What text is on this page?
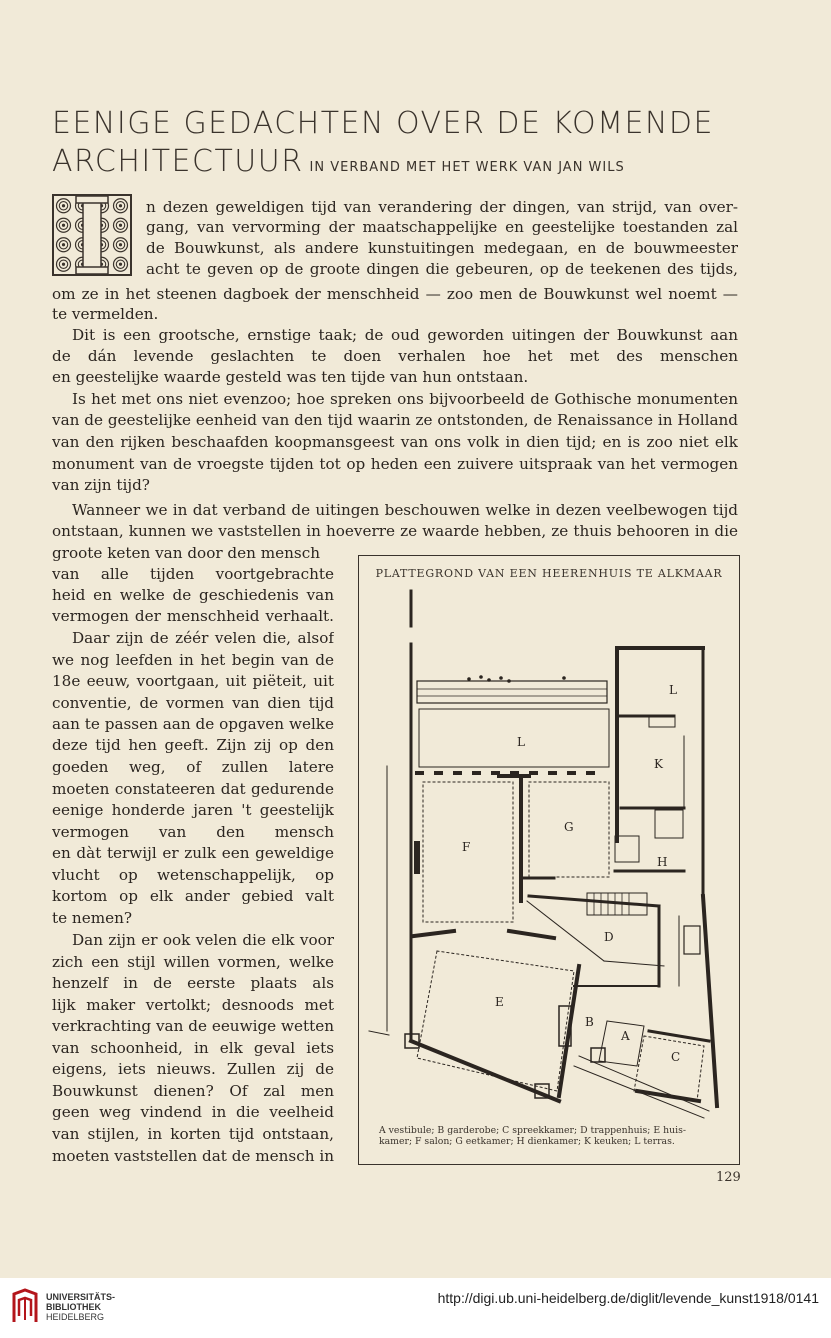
EENIGE GEDACHTEN OVER DE KOMENDE
ARCHITECTUUR IN VERBAND MET HET WERK VAN JAN WILS
n dezen geweldigen tijd van verandering der dingen, van strijd, van over-
gang, van vervorming der maatschappelijke en geestelijke toestanden zal
de Bouwkunst, als andere kunstuitingen medegaan, en de bouwmeester
acht te geven op de groote dingen die gebeuren, op de teekenen des tijds,
om ze in het steenen dagboek der menschheid — zoo men de Bouwkunst wel noemt —
te vermelden.
Dit is een grootsche, ernstige taak; de oud geworden uitingen der Bouwkunst aan
de dán levende geslachten te doen verhalen hoe het met des menschen
en geestelijke waarde gesteld was ten tijde van hun ontstaan.
Is het met ons niet evenzoo; hoe spreken ons bijvoorbeeld de Gothische monumenten
van de geestelijke eenheid van den tijd waarin ze ontstonden, de Renaissance in Holland
van den rijken beschaafden koopmansgeest van ons volk in dien tijd; en is zoo niet elk
monument van de vroegste tijden tot op heden een zuivere uitspraak van het vermogen
van zijn tijd?
Wanneer we in dat verband de uitingen beschouwen welke in dezen veelbewogen tijd
ontstaan, kunnen we vaststellen in hoeverre ze waarde hebben, ze thuis behooren in die
groote keten van door den mensch
van alle tijden voortgebrachte
heid en welke de geschiedenis van
vermogen der menschheid verhaalt.
Daar zijn de zéér velen die, alsof
we nog leefden in het begin van de
18e eeuw, voortgaan, uit piëteit, uit
conventie, de vormen van dien tijd
aan te passen aan de opgaven welke
deze tijd hen geeft. Zijn zij op den
goeden weg, of zullen latere
moeten constateeren dat gedurende
eenige honderde jaren 't geestelijk
vermogen van den mensch
en dàt terwijl er zulk een geweldige
vlucht op wetenschappelijk, op
kortom op elk ander gebied valt
te nemen?
Dan zijn er ook velen die elk voor
zich een stijl willen vormen, welke
henzelf in de eerste plaats als
lijk maker vertolkt; desnoods met
verkrachting van de eeuwige wetten
van schoonheid, in elk geval iets
eigens, iets nieuws. Zullen zij de
Bouwkunst dienen? Of zal men
geen weg vindend in die veelheid
van stijlen, in korten tijd ontstaan,
moeten vaststellen dat de mensch in
PLATTEGROND VAN EEN HEERENHUIS TE ALKMAAR
L
L
K
F
G
H
D
E
B
A
C
A vestibule; B garderobe; C spreekkamer; D trappenhuis; E huis-
kamer; F salon; G eetkamer; H dienkamer; K keuken; L terras.
129
UNIVERSITÄTS-
BIBLIOTHEK
HEIDELBERG
http://digi.ub.uni-heidelberg.de/diglit/levende_kunst1918/0141
